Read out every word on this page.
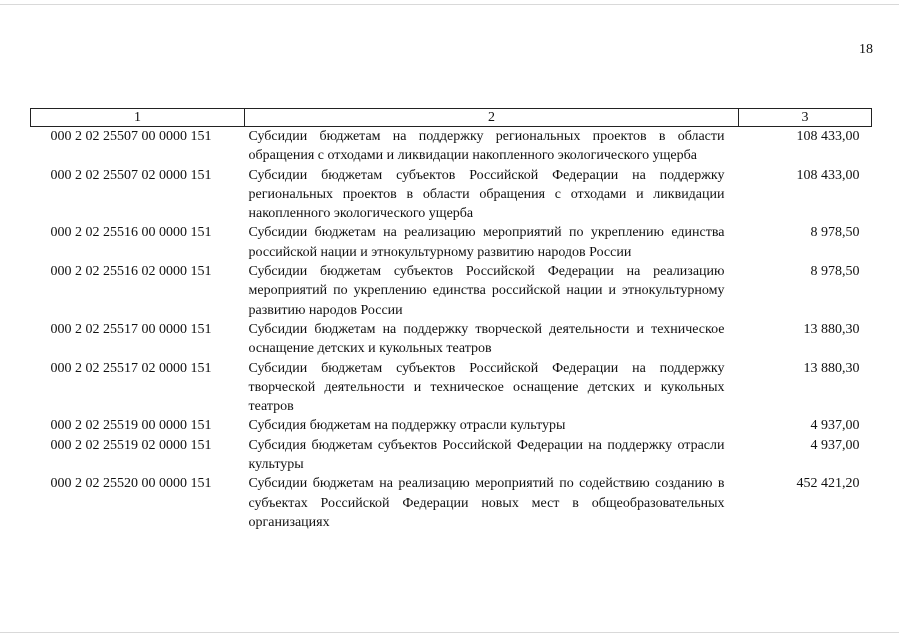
18
1	2	3
000 2 02 25507 00 0000 151	Субсидии бюджетам на поддержку региональных проектов в области обращения с отходами и ликвидации накопленного экологического ущерба	108 433,00
000 2 02 25507 02 0000 151	Субсидии бюджетам субъектов Российской Федерации на поддержку региональных проектов в области обращения с отходами и ликвидации накопленного экологического ущерба	108 433,00
000 2 02 25516 00 0000 151	Субсидии бюджетам на реализацию мероприятий по укреплению единства российской нации и этнокультурному развитию народов России	8 978,50
000 2 02 25516 02 0000 151	Субсидии бюджетам субъектов Российской Федерации на реализацию мероприятий по укреплению единства российской нации и этнокультурному развитию народов России	8 978,50
000 2 02 25517 00 0000 151	Субсидии бюджетам на поддержку творческой деятельности и техническое оснащение детских и кукольных театров	13 880,30
000 2 02 25517 02 0000 151	Субсидии бюджетам субъектов Российской Федерации на поддержку творческой деятельности и техническое оснащение детских и кукольных театров	13 880,30
000 2 02 25519 00 0000 151	Субсидия бюджетам на поддержку отрасли культуры	4 937,00
000 2 02 25519 02 0000 151	Субсидия бюджетам субъектов Российской Федерации на поддержку отрасли культуры	4 937,00
000 2 02 25520 00 0000 151	Субсидии бюджетам на реализацию мероприятий по содействию созданию в субъектах Российской Федерации новых мест в общеобразовательных организациях	452 421,20
